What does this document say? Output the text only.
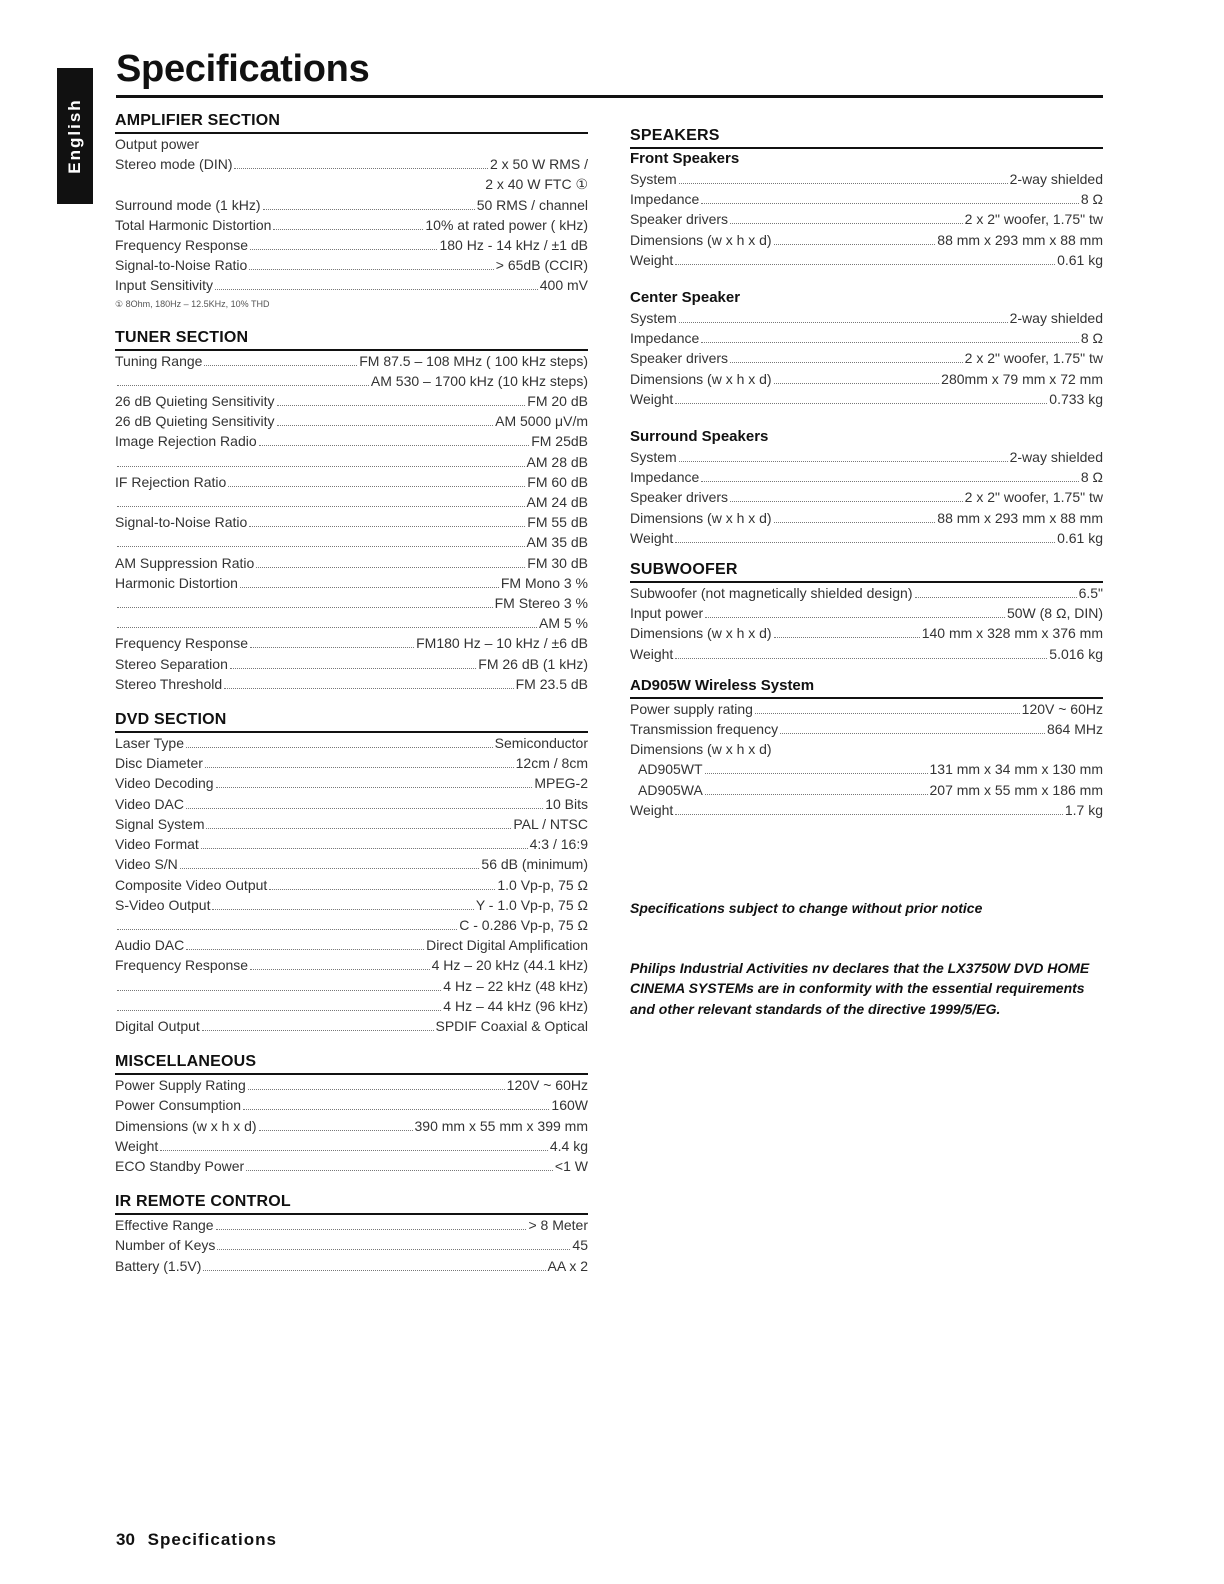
English
Specifications
AMPLIFIER SECTION
Output power
Stereo mode (DIN)	2 x 50 W RMS /
2 x 40 W FTC ①
Surround mode (1 kHz)	50 RMS / channel
Total Harmonic Distortion	10% at rated power ( kHz)
Frequency Response	180 Hz - 14 kHz / ±1 dB
Signal-to-Noise Ratio	> 65dB (CCIR)
Input Sensitivity	400 mV
① 8Ohm, 180Hz – 12.5KHz, 10% THD
TUNER SECTION
Tuning Range	FM 87.5 – 108 MHz ( 100 kHz steps)
AM 530 – 1700 kHz (10 kHz steps)
26 dB Quieting Sensitivity	FM 20 dB
26 dB Quieting Sensitivity	AM 5000 μV/m
Image Rejection Radio	FM 25dB
AM 28 dB
IF Rejection Ratio	FM 60 dB
AM 24 dB
Signal-to-Noise Ratio	FM 55 dB
AM 35 dB
AM Suppression Ratio	FM 30 dB
Harmonic Distortion	FM Mono 3 %
FM Stereo 3 %
AM 5 %
Frequency Response	FM180 Hz – 10 kHz / ±6 dB
Stereo Separation	FM 26 dB (1 kHz)
Stereo Threshold	FM 23.5 dB
DVD SECTION
Laser Type	Semiconductor
Disc Diameter	12cm / 8cm
Video Decoding	MPEG-2
Video DAC	10 Bits
Signal System	PAL / NTSC
Video Format	4:3 / 16:9
Video S/N	56 dB (minimum)
Composite Video Output	1.0 Vp-p, 75 Ω
S-Video Output	Y - 1.0 Vp-p, 75 Ω
C - 0.286 Vp-p, 75 Ω
Audio DAC	Direct Digital Amplification
Frequency Response	4 Hz – 20 kHz (44.1 kHz)
4 Hz – 22 kHz (48 kHz)
4 Hz – 44 kHz (96 kHz)
Digital Output	SPDIF Coaxial & Optical
MISCELLANEOUS
Power Supply Rating	120V ~ 60Hz
Power Consumption	160W
Dimensions (w x h x d)	390 mm x 55 mm x 399 mm
Weight	4.4 kg
ECO Standby Power	<1 W
IR REMOTE CONTROL
Effective Range	> 8 Meter
Number of Keys	45
Battery (1.5V)	AA x 2
SPEAKERS
Front Speakers
System	2-way shielded
Impedance	8 Ω
Speaker drivers	2 x 2" woofer, 1.75" tw
Dimensions (w x h x d)	88 mm x 293 mm x 88 mm
Weight	0.61 kg
Center Speaker
System	2-way shielded
Impedance	8 Ω
Speaker drivers	2 x 2" woofer, 1.75" tw
Dimensions (w x h x d)	280mm x 79 mm x 72 mm
Weight	0.733 kg
Surround Speakers
System	2-way shielded
Impedance	8 Ω
Speaker drivers	2 x 2" woofer, 1.75" tw
Dimensions (w x h x d)	88 mm x 293 mm x 88 mm
Weight	0.61 kg
SUBWOOFER
Subwoofer (not magnetically shielded design)	6.5"
Input power	50W (8 Ω, DIN)
Dimensions (w x h x d)	140 mm x 328 mm x 376 mm
Weight	5.016 kg
AD905W Wireless System
Power supply rating	120V ~ 60Hz
Transmission frequency	864 MHz
Dimensions (w x h x d)
AD905WT	131 mm x 34 mm x 130 mm
AD905WA	207 mm x 55 mm x 186 mm
Weight	1.7 kg
Specifications subject to change without prior notice
Philips Industrial Activities nv declares that the LX3750W DVD HOME CINEMA SYSTEMs are in conformity with the essential requirements and other relevant standards of the directive 1999/5/EG.
30 Specifications
